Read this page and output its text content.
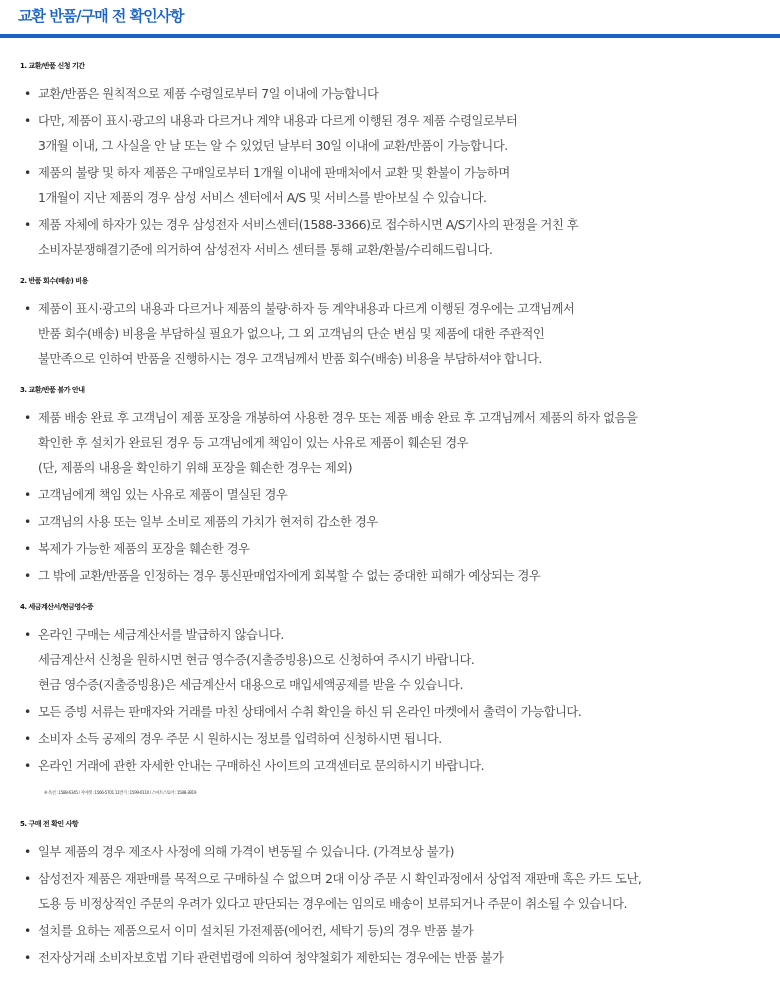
교환 반품/구매 전 확인사항
1. 교환/반품 신청 기간
• 교환/반품은 원칙적으로 제품 수령일로부터 7일 이내에 가능합니다
• 다만, 제품이 표시·광고의 내용과 다르거나 계약 내용과 다르게 이행된 경우 제품 수령일로부터
3개월 이내, 그 사실을 안 날 또는 알 수 있었던 날부터 30일 이내에 교환/반품이 가능합니다.
• 제품의 불량 및 하자 제품은 구매일로부터 1개월 이내에 판매처에서 교환 및 환불이 가능하며
1개월이 지난 제품의 경우 삼성 서비스 센터에서 A/S 및 서비스를 받아보실 수 있습니다.
• 제품 자체에 하자가 있는 경우 삼성전자 서비스센터(1588-3366)로 접수하시면 A/S기사의 판정을 거친 후
소비자분쟁해결기준에 의거하여 삼성전자 서비스 센터를 통해 교환/환불/수리해드립니다.
2. 반품 회수(배송) 비용
• 제품이 표시·광고의 내용과 다르거나 제품의 불량·하자 등 계약내용과 다르게 이행된 경우에는 고객님께서
반품 회수(배송) 비용을 부담하실 필요가 없으나, 그 외 고객님의 단순 변심 및 제품에 대한 주관적인
불만족으로 인하여 반품을 진행하시는 경우 고객님께서 반품 회수(배송) 비용을 부담하셔야 합니다.
3. 교환/반품 불가 안내
• 제품 배송 완료 후 고객님이 제품 포장을 개봉하여 사용한 경우 또는 제품 배송 완료 후 고객님께서 제품의 하자 없음을
확인한 후 설치가 완료된 경우 등 고객님에게 책임이 있는 사유로 제품이 훼손된 경우
(단, 제품의 내용을 확인하기 위해 포장을 훼손한 경우는 제외)
• 고객님에게 책임 있는 사유로 제품이 멸실된 경우
• 고객님의 사용 또는 일부 소비로 제품의 가치가 현저히 감소한 경우
• 복제가 가능한 제품의 포장을 훼손한 경우
• 그 밖에 교환/반품을 인정하는 경우 통신판매업자에게 회복할 수 없는 중대한 피해가 예상되는 경우
4. 세금계산서/현금영수증
• 온라인 구매는 세금계산서를 발급하지 않습니다.
세금계산서 신청을 원하시면 현금 영수증(지출증빙용)으로 신청하여 주시기 바랍니다.
현금 영수증(지출증빙용)은 세금계산서 대용으로 매입세액공제를 받을 수 있습니다.
• 모든 증빙 서류는 판매자와 거래를 마친 상태에서 수취 확인을 하신 뒤 온라인 마켓에서 출력이 가능합니다.
• 소비자 소득 공제의 경우 주문 시 원하시는 정보를 입력하여 신청하시면 됩니다.
• 온라인 거래에 관한 자세한 안내는 구매하신 사이트의 고객센터로 문의하시기 바랍니다.
※ 옥션 : 1588-6345 / 지마켓 : 1566-5701 11번가 : 1599-0110 / 스마트스토어 : 1588-3819
5. 구매 전 확인 사항
• 일부 제품의 경우 제조사 사정에 의해 가격이 변동될 수 있습니다. (가격보상 불가)
• 삼성전자 제품은 재판매를 목적으로 구매하실 수 없으며 2대 이상 주문 시 확인과정에서 상업적 재판매 혹은 카드 도난,
도용 등 비정상적인 주문의 우려가 있다고 판단되는 경우에는 임의로 배송이 보류되거나 주문이 취소될 수 있습니다.
• 설치를 요하는 제품으로서 이미 설치된 가전제품(에어컨, 세탁기 등)의 경우 반품 불가
• 전자상거래 소비자보호법 기타 관련법령에 의하여 청약철회가 제한되는 경우에는 반품 불가
